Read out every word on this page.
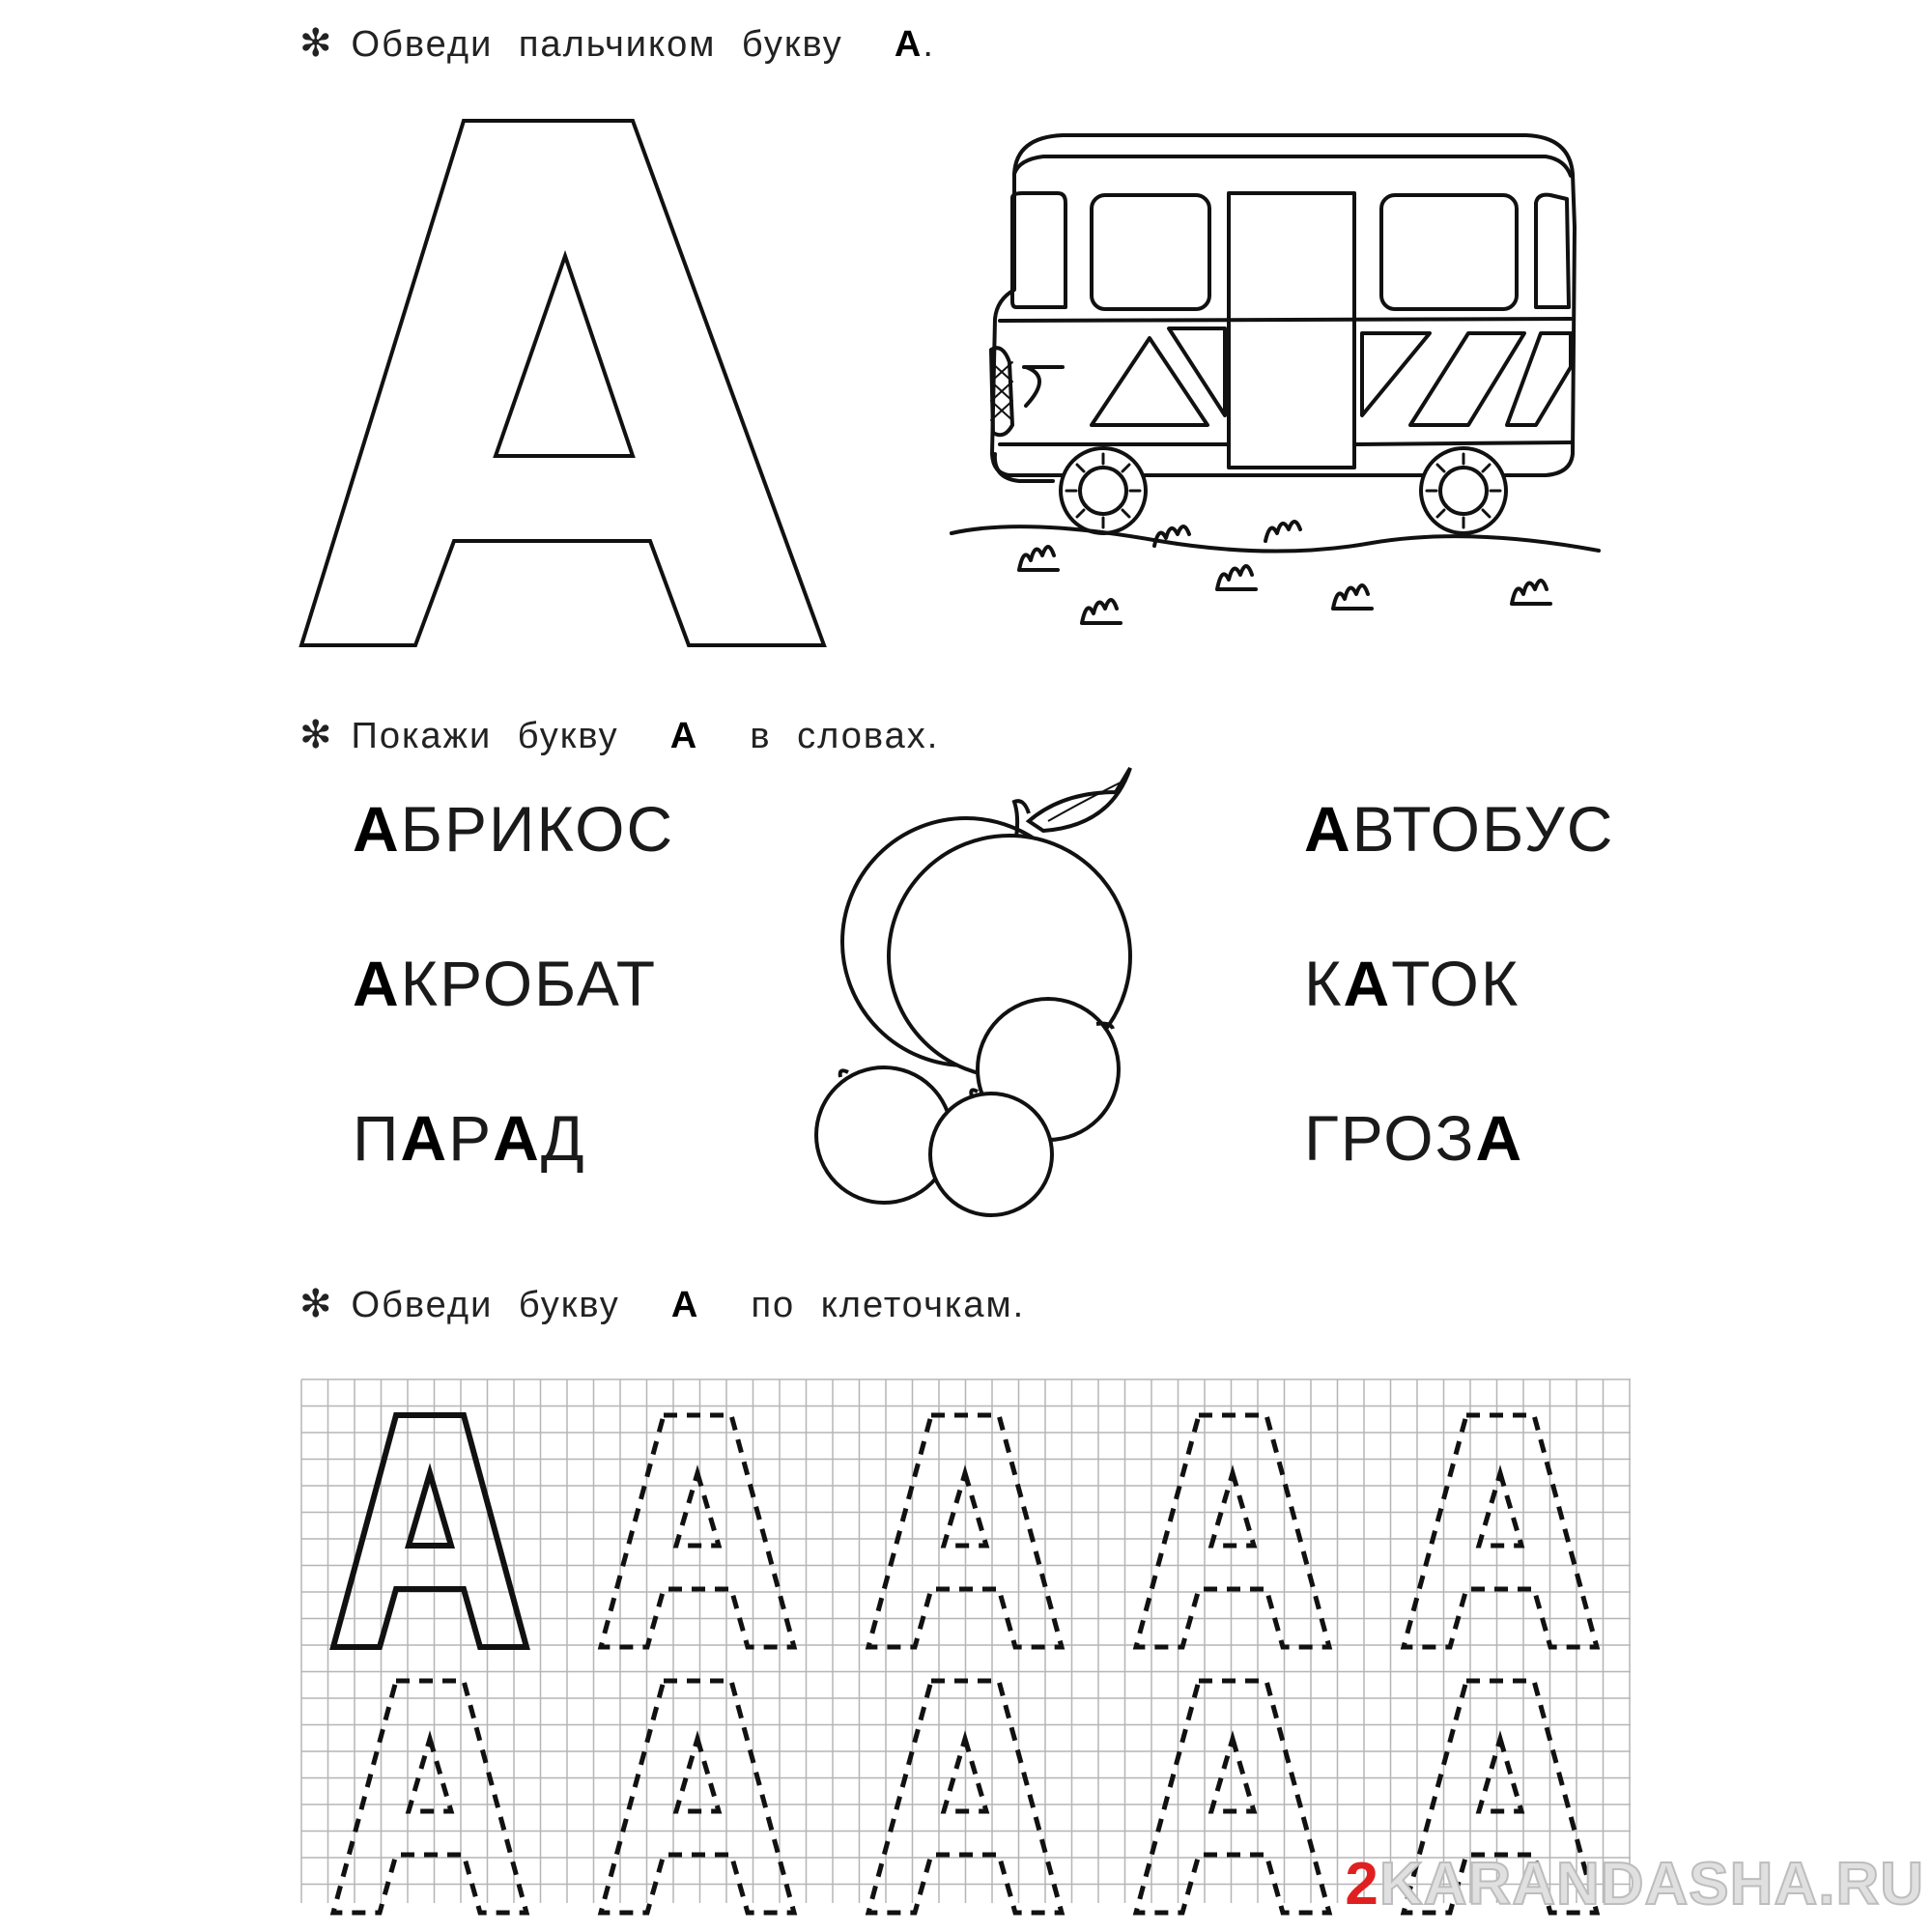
✻ Обведи пальчиком букву А.
✻ Покажи букву А в словах.
✻ Обведи букву А по клеточкам.
АБРИКОС
АКРОБАТ
ПАРАД
АВТОБУС
КАТОК
ГРОЗА
2KARANDASHA.RU
